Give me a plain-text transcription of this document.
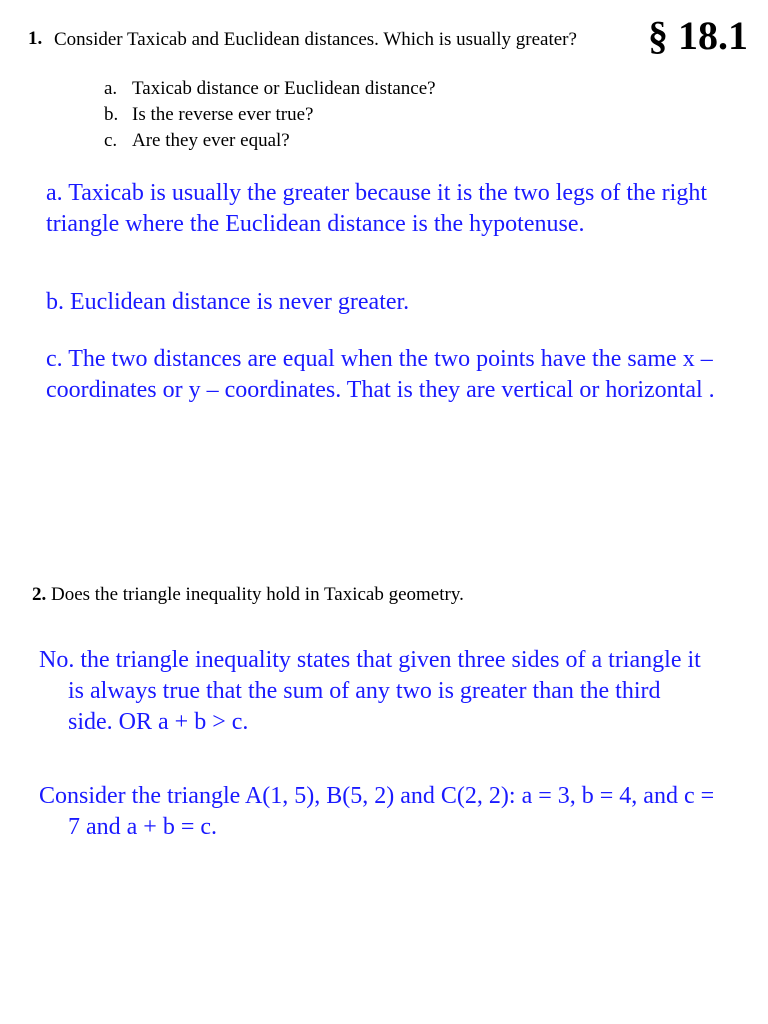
§ 18.1
1. Consider Taxicab and Euclidean distances. Which is usually greater?
a. Taxicab distance or Euclidean distance?
b. Is the reverse ever true?
c. Are they ever equal?
a. Taxicab is usually the greater because it is the two legs of the right triangle where the Euclidean distance is the hypotenuse.
b. Euclidean distance is never greater.
c. The two distances are equal when the two points have the same x – coordinates or y – coordinates. That is they are vertical or horizontal .
2. Does the triangle inequality hold in Taxicab geometry.
No. the triangle inequality states that given three sides of a triangle it is always true that the sum of any two is greater than the third side. OR a + b > c.
Consider the triangle A(1, 5), B(5, 2) and C(2, 2): a = 3, b = 4, and c = 7 and a + b = c.
